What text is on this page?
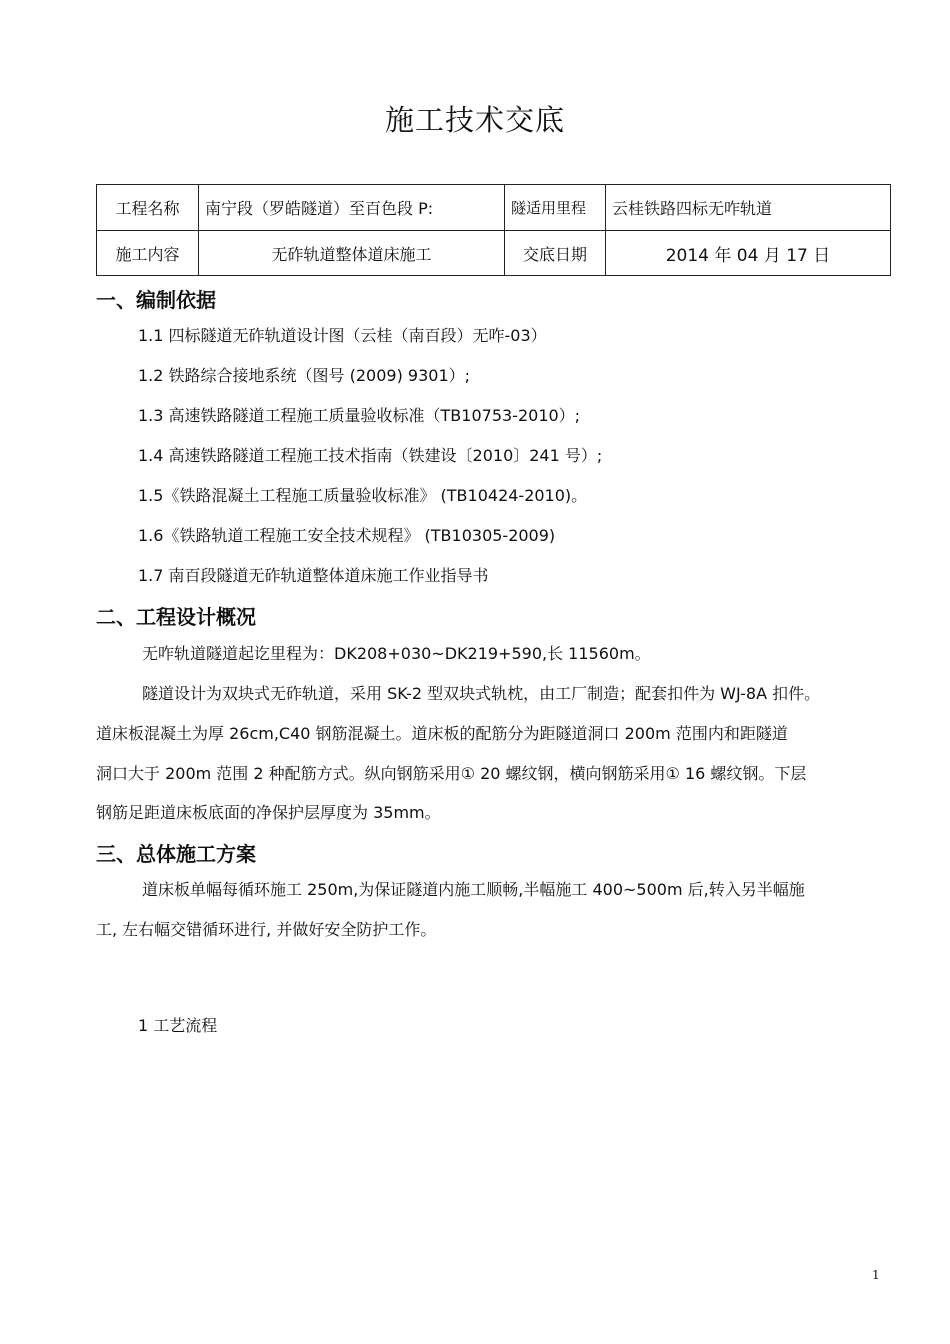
施工技术交底
工程名称	南宁段（罗皓隧道）至百色段 P:	隧适用里程	云桂铁路四标无咋轨道
施工内容	无砟轨道整体道床施工	交底日期	2014 年 04 月 17 日
一、编制依据
1.1 四标隧道无砟轨道设计图（云桂（南百段）无咋-03）
1.2 铁路综合接地系统（图号 (2009) 9301）;
1.3 高速铁路隧道工程施工质量验收标准（TB10753-2010）;
1.4 高速铁路隧道工程施工技术指南（铁建设〔2010〕241 号）;
1.5《铁路混凝土工程施工质量验收标准》 (TB10424-2010)。
1.6《铁路轨道工程施工安全技术规程》 (TB10305-2009)
1.7 南百段隧道无砟轨道整体道床施工作业指导书
二、工程设计概况
无咋轨道隧道起讫里程为：DK208+030~DK219+590,长 11560m。
隧道设计为双块式无砟轨道，采用 SK-2 型双块式轨枕，由工厂制造；配套扣件为 WJ-8A 扣件。
道床板混凝土为厚 26cm,C40 钢筋混凝土。道床板的配筋分为距隧道洞口 200m 范围内和距隧道
洞口大于 200m 范围 2 种配筋方式。纵向钢筋采用① 20 螺纹钢，横向钢筋采用① 16 螺纹钢。下层
钢筋足距道床板底面的净保护层厚度为 35mm。
三、总体施工方案
道床板单幅每循环施工 250m,为保证隧道内施工顺畅,半幅施工 400~500m 后,转入另半幅施
工, 左右幅交错循环进行, 并做好安全防护工作。
1 工艺流程
1
